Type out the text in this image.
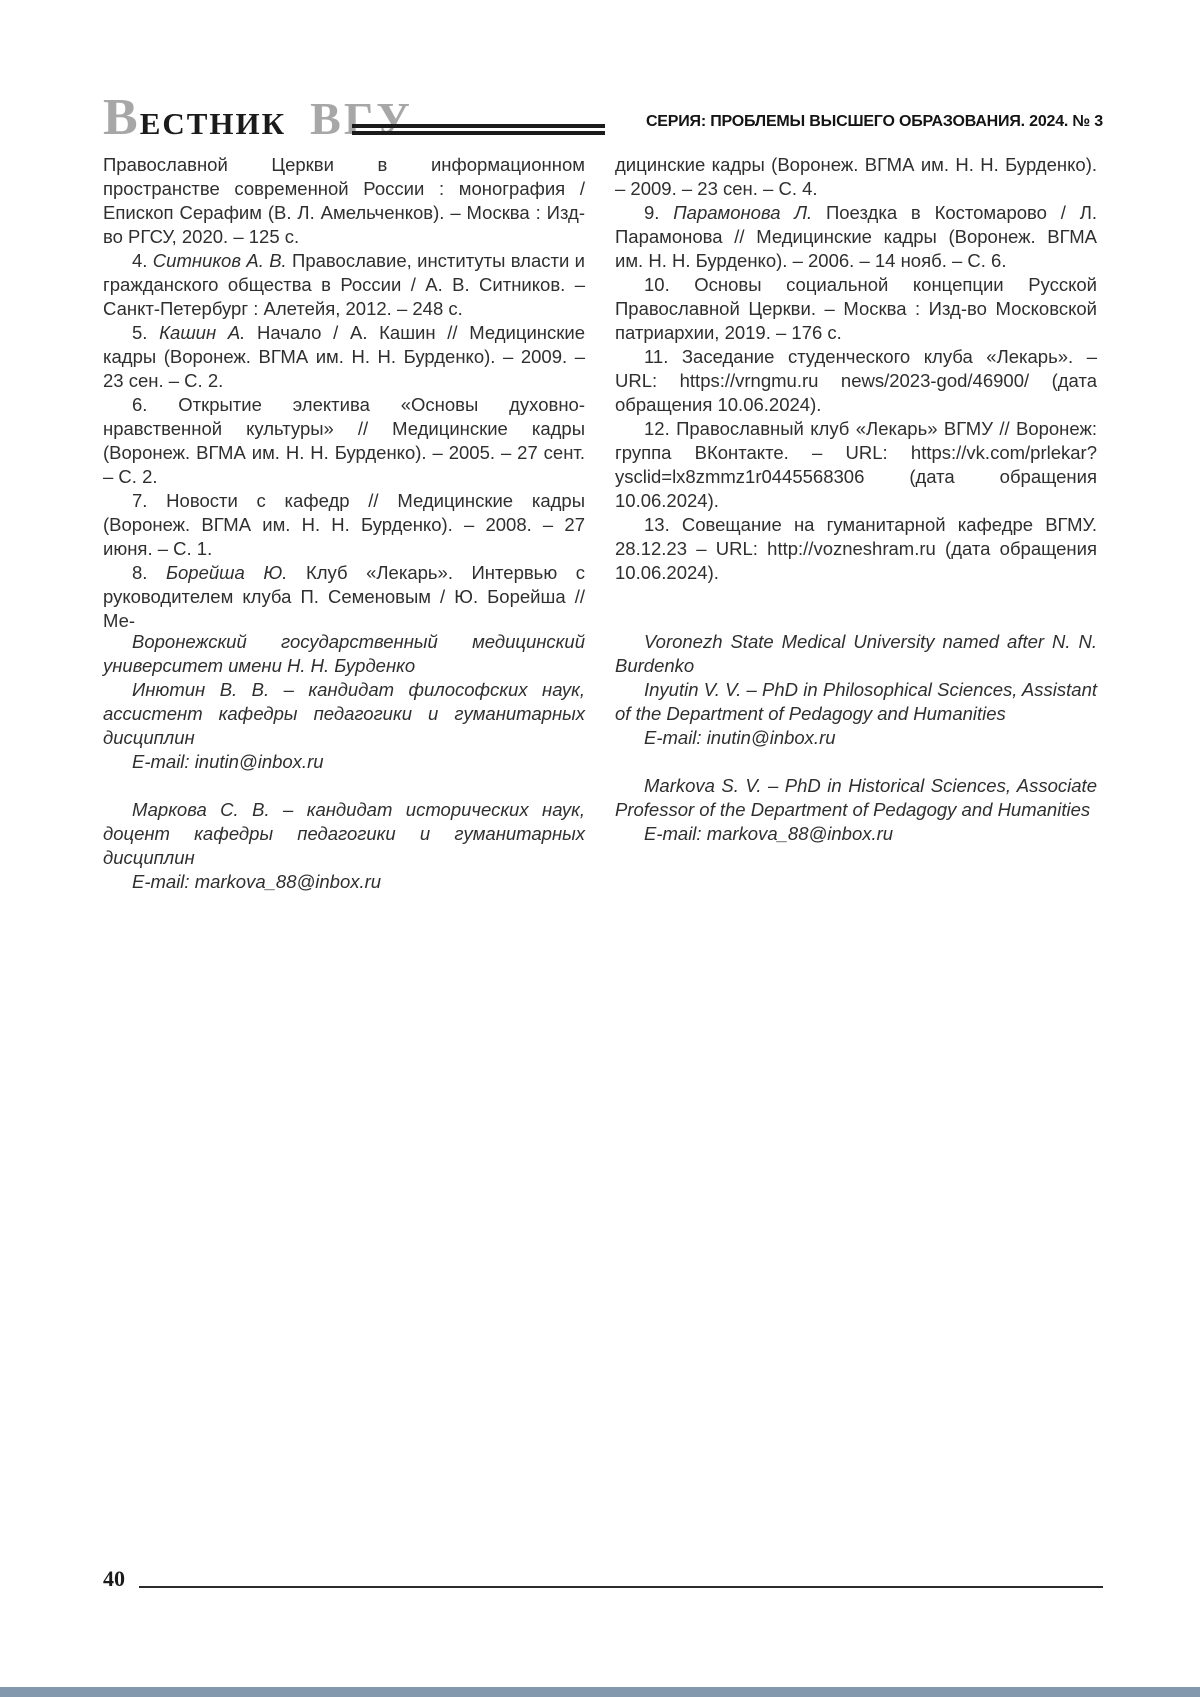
В ЕСТНИК ВГУ	СЕРИЯ: ПРОБЛЕМЫ ВЫСШЕГО ОБРАЗОВАНИЯ. 2024. № 3
Православной Церкви в информационном пространстве современной России : монография / Епископ Серафим (В. Л. Амельченков). – Москва : Изд-во РГСУ, 2020. – 125 с.
4. Ситников А. В. Православие, институты власти и гражданского общества в России / А. В. Ситников. – Санкт-Петербург : Алетейя, 2012. – 248 с.
5. Кашин А. Начало / А. Кашин // Медицинские кадры (Воронеж. ВГМА им. Н. Н. Бурденко). – 2009. – 23 сен. – С. 2.
6. Открытие электива «Основы духовно-нравственной культуры» // Медицинские кадры (Воронеж. ВГМА им. Н. Н. Бурденко). – 2005. – 27 сент. – С. 2.
7. Новости с кафедр // Медицинские кадры (Воронеж. ВГМА им. Н. Н. Бурденко). – 2008. – 27 июня. – С. 1.
8. Борейша Ю. Клуб «Лекарь». Интервью с руководителем клуба П. Семеновым / Ю. Борейша // Ме-
дицинские кадры (Воронеж. ВГМА им. Н. Н. Бурденко). – 2009. – 23 сен. – С. 4.
9. Парамонова Л. Поездка в Костомарово / Л. Парамонова // Медицинские кадры (Воронеж. ВГМА им. Н. Н. Бурденко). – 2006. – 14 нояб. – С. 6.
10. Основы социальной концепции Русской Православной Церкви. – Москва : Изд-во Московской патриархии, 2019. – 176 с.
11. Заседание студенческого клуба «Лекарь». – URL: https://vrngmu.ru news/2023-god/46900/ (дата обращения 10.06.2024).
12. Православный клуб «Лекарь» ВГМУ // Воронеж: группа ВКонтакте. – URL: https://vk.com/prlekar?ysclid=lx8zmmz1r0445568306 (дата обращения 10.06.2024).
13. Совещание на гуманитарной кафедре ВГМУ. 28.12.23 – URL: http://vozneshram.ru (дата обращения 10.06.2024).
Воронежский государственный медицинский университет имени Н. Н. Бурденко
Инютин В. В. – кандидат философских наук, ассистент кафедры педагогики и гуманитарных дисциплин
E-mail: inutin@inbox.ru
Маркова С. В. – кандидат исторических наук, доцент кафедры педагогики и гуманитарных дисциплин
E-mail: markova_88@inbox.ru
Voronezh State Medical University named after N. N. Burdenko
Inyutin V. V. – PhD in Philosophical Sciences, Assistant of the Department of Pedagogy and Humanities
E-mail: inutin@inbox.ru
Markova S. V. – PhD in Historical Sciences, Associate Professor of the Department of Pedagogy and Humanities
E-mail: markova_88@inbox.ru
40
